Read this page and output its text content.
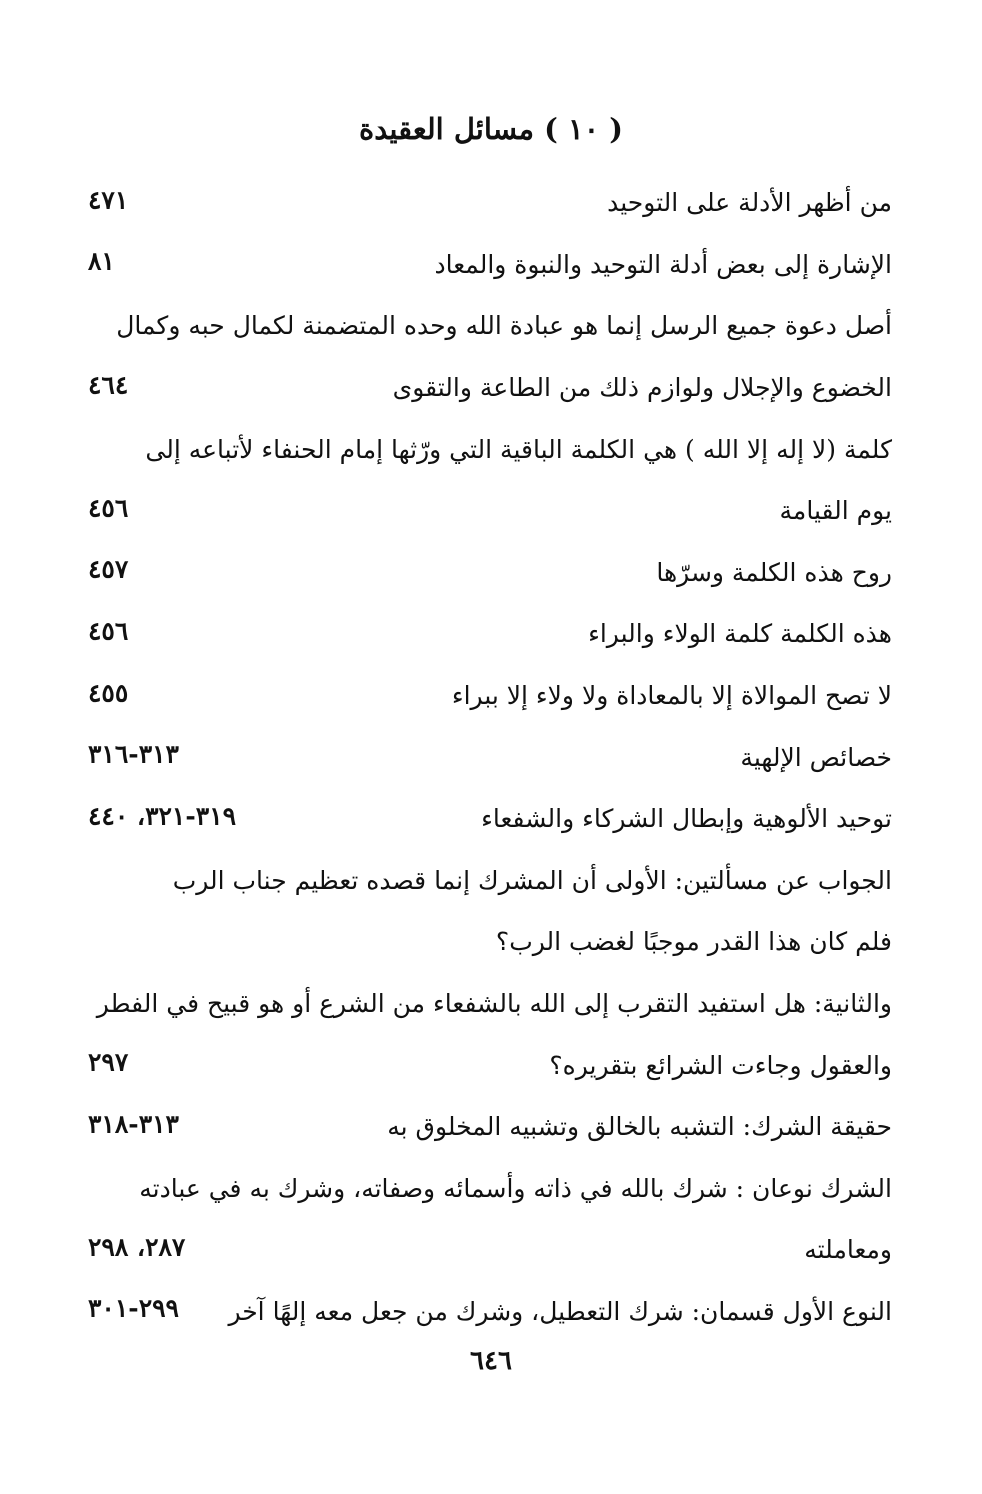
( ١٠ ) مسائل العقيدة
من أظهر الأدلة على التوحيد
٤٧١
الإشارة إلى بعض أدلة التوحيد والنبوة والمعاد
٨١
أصل دعوة جميع الرسل إنما هو عبادة الله وحده المتضمنة لكمال حبه وكمال
الخضوع والإجلال ولوازم ذلك من الطاعة والتقوى
٤٦٤
كلمة (لا إله إلا الله ) هي الكلمة الباقية التي ورّثها إمام الحنفاء لأتباعه إلى
يوم القيامة
٤٥٦
روح هذه الكلمة وسرّها
٤٥٧
هذه الكلمة كلمة الولاء والبراء
٤٥٦
لا تصح الموالاة إلا بالمعاداة ولا ولاء إلا ببراء
٤٥٥
خصائص الإلهية
٣١٣-٣١٦
توحيد الألوهية وإبطال الشركاء والشفعاء
٣١٩-٣٢١، ٤٤٠
الجواب عن مسألتين: الأولى أن المشرك إنما قصده تعظيم جناب الرب
فلم كان هذا القدر موجبًا لغضب الرب؟
والثانية: هل استفيد التقرب إلى الله بالشفعاء من الشرع أو هو قبيح في الفطر
والعقول وجاءت الشرائع بتقريره؟
٢٩٧
حقيقة الشرك: التشبه بالخالق وتشبيه المخلوق به
٣١٣-٣١٨
الشرك نوعان : شرك بالله في ذاته وأسمائه وصفاته، وشرك به في عبادته
ومعاملته
٢٨٧، ٢٩٨
النوع الأول قسمان: شرك التعطيل، وشرك من جعل معه إلهًا آخر
٢٩٩-٣٠١
٦٤٦
